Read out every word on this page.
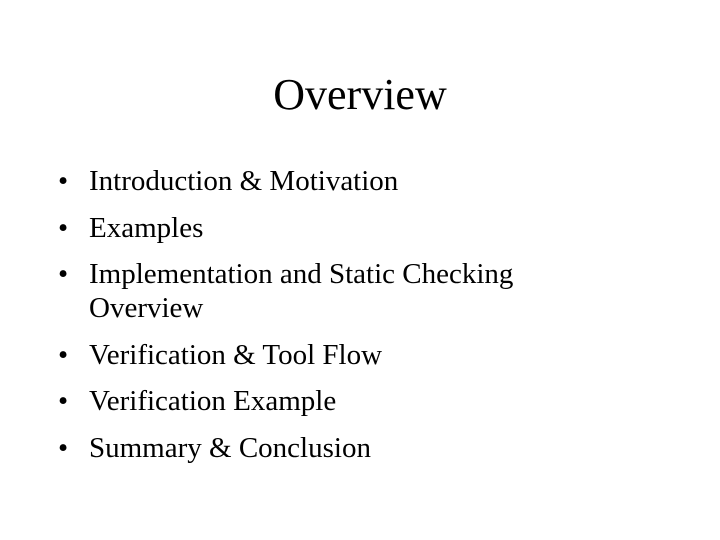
Overview
• Introduction & Motivation
• Examples
• Implementation and Static Checking Overview
• Verification & Tool Flow
• Verification Example
• Summary & Conclusion
